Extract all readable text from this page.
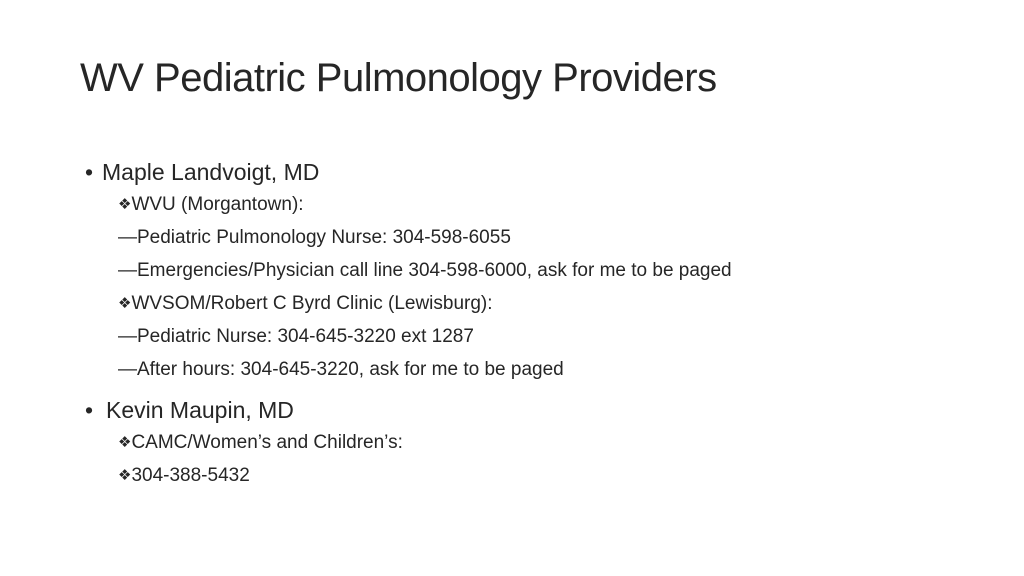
WV Pediatric Pulmonology Providers
• Maple Landvoigt, MD
❖WVU (Morgantown):
—Pediatric Pulmonology Nurse: 304-598-6055
—Emergencies/Physician call line 304-598-6000, ask for me to be paged
❖WVSOM/Robert C Byrd Clinic (Lewisburg):
—Pediatric Nurse: 304-645-3220 ext 1287
—After hours: 304-645-3220, ask for me to be paged
• Kevin Maupin, MD
❖CAMC/Women’s and Children’s:
❖304-388-5432
